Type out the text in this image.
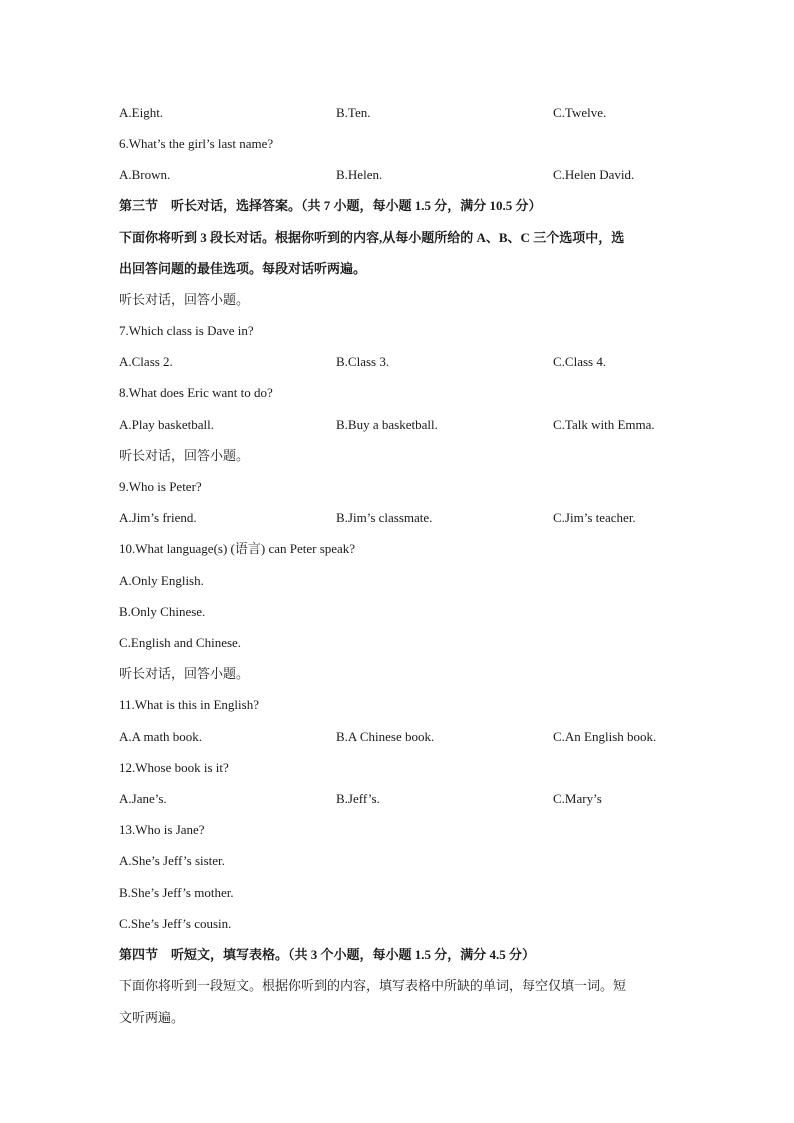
A.Eight.	B.Ten.	C.Twelve.
6.What’s the girl’s last name?
A.Brown.	B.Helen.	C.Helen David.
第三节　听长对话，选择答案。（共 7 小题，每小题 1.5 分，满分 10.5 分）
下面你将听到 3 段长对话。根据你听到的内容,从每小题所给的 A、B、C 三个选项中，选
出回答问题的最佳选项。每段对话听两遍。
听长对话，回答小题。
7.Which class is Dave in?
A.Class 2.	B.Class 3.	C.Class 4.
8.What does Eric want to do?
A.Play basketball.	B.Buy a basketball.	C.Talk with Emma.
听长对话，回答小题。
9.Who is Peter?
A.Jim’s friend.	B.Jim’s classmate.	C.Jim’s teacher.
10.What language(s) (语言) can Peter speak?
A.Only English.
B.Only Chinese.
C.English and Chinese.
听长对话，回答小题。
11.What is this in English?
A.A math book.	B.A Chinese book.	C.An English book.
12.Whose book is it?
A.Jane’s.	B.Jeff’s.	C.Mary’s
13.Who is Jane?
A.She’s Jeff’s sister.
B.She’s Jeff’s mother.
C.She’s Jeff’s cousin.
第四节　听短文，填写表格。（共 3 个小题，每小题 1.5 分，满分 4.5 分）
下面你将听到一段短文。根据你听到的内容，填写表格中所缺的单词，每空仅填一词。短
文听两遍。
